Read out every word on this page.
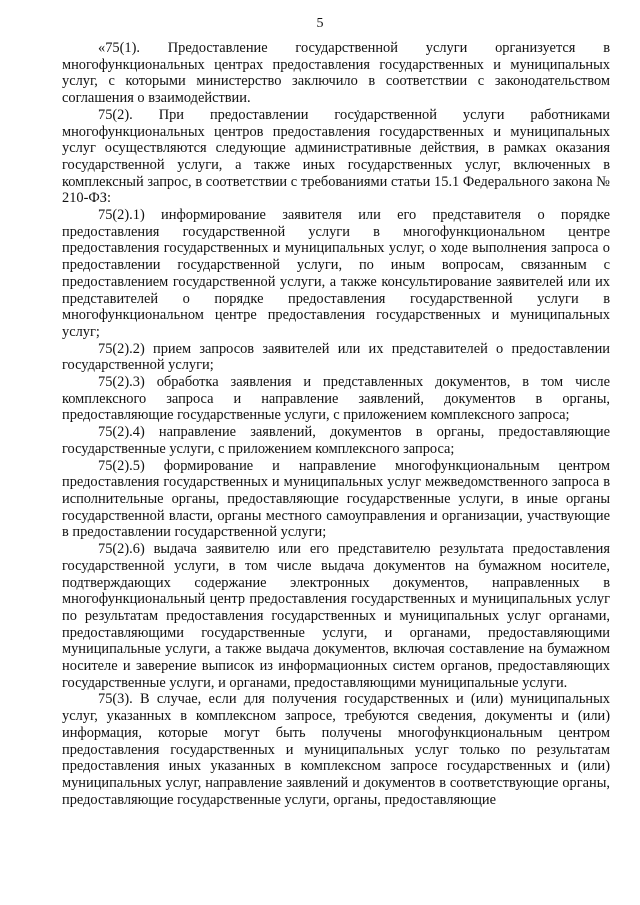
5

«75(1). Предоставление государственной услуги организуется в многофункциональных центрах предоставления государственных и муниципальных услуг, с которыми министерство заключило в соответствии с законодательством соглашения о взаимодействии.

75(2). При предоставлении государственной услуги работниками многофункциональных центров предоставления государственных и муниципальных услуг осуществляются следующие административные действия, в рамках оказания государственной услуги, а также иных государственных услуг, включенных в комплексный запрос, в соответствии с требованиями статьи 15.1 Федерального закона № 210-ФЗ:

75(2).1) информирование заявителя или его представителя о порядке предоставления государственной услуги в многофункциональном центре предоставления государственных и муниципальных услуг, о ходе выполнения запроса о предоставлении государственной услуги, по иным вопросам, связанным с предоставлением государственной услуги, а также консультирование заявителей или их представителей о порядке предоставления государственной услуги в многофункциональном центре предоставления государственных и муниципальных услуг;

75(2).2) прием запросов заявителей или их представителей о предоставлении государственной услуги;

75(2).3) обработка заявления и представленных документов, в том числе комплексного запроса и направление заявлений, документов в органы, предоставляющие государственные услуги, с приложением комплексного запроса;

75(2).4) направление заявлений, документов в органы, предоставляющие государственные услуги, с приложением комплексного запроса;

75(2).5) формирование и направление многофункциональным центром предоставления государственных и муниципальных услуг межведомственного запроса в исполнительные органы, предоставляющие государственные услуги, в иные органы государственной власти, органы местного самоуправления и организации, участвующие в предоставлении государственной услуги;

75(2).6) выдача заявителю или его представителю результата предоставления государственной услуги, в том числе выдача документов на бумажном носителе, подтверждающих содержание электронных документов, направленных в многофункциональный центр предоставления государственных и муниципальных услуг по результатам предоставления государственных и муниципальных услуг органами, предоставляющими государственные услуги, и органами, предоставляющими муниципальные услуги, а также выдача документов, включая составление на бумажном носителе и заверение выписок из информационных систем органов, предоставляющих государственные услуги, и органами, предоставляющими муниципальные услуги.

75(3). В случае, если для получения государственных и (или) муниципальных услуг, указанных в комплексном запросе, требуются сведения, документы и (или) информация, которые могут быть получены многофункциональным центром предоставления государственных и муниципальных услуг только по результатам предоставления иных указанных в комплексном запросе государственных и (или) муниципальных услуг, направление заявлений и документов в соответствующие органы, предоставляющие государственные услуги, органы, предоставляющие
